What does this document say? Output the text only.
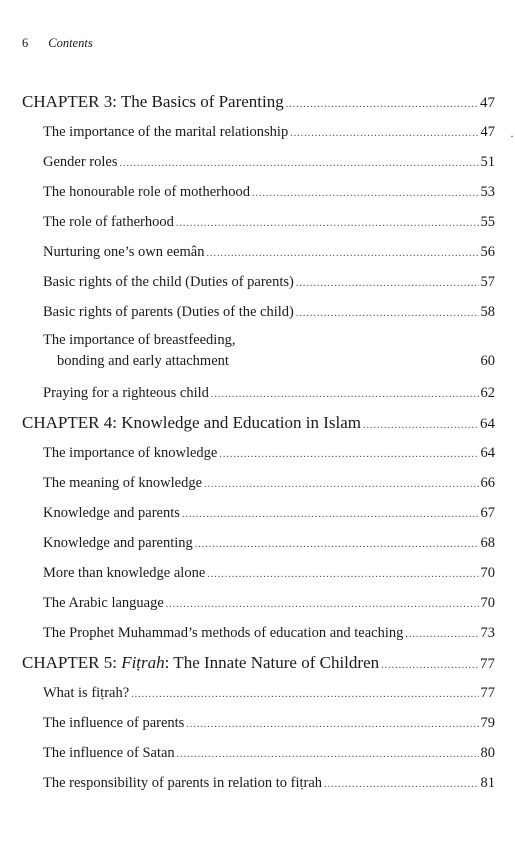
6 Contents
·
CHAPTER 3: The Basics of Parenting .....	47
The importance of the marital relationship .....	47
Gender roles .....	51
The honourable role of motherhood .....	53
The role of fatherhood .....	55
Nurturing one’s own eemân .....	56
Basic rights of the child (Duties of parents) .....	57
Basic rights of parents (Duties of the child) .....	58
The importance of breastfeeding,
bonding and early attachment	60
Praying for a righteous child .....	62
CHAPTER 4: Knowledge and Education in Islam .....	64
The importance of knowledge .....	64
The meaning of knowledge .....	66
Knowledge and parents .....	67
Knowledge and parenting .....	68
More than knowledge alone .....	70
The Arabic language .....	70
The Prophet Muhammad’s methods of education and teaching .....	73
CHAPTER 5: Fiṭrah: The Innate Nature of Children .....	77
What is fiṭrah? .....	77
The influence of parents .....	79
The influence of Satan .....	80
The responsibility of parents in relation to fiṭrah .....	81
